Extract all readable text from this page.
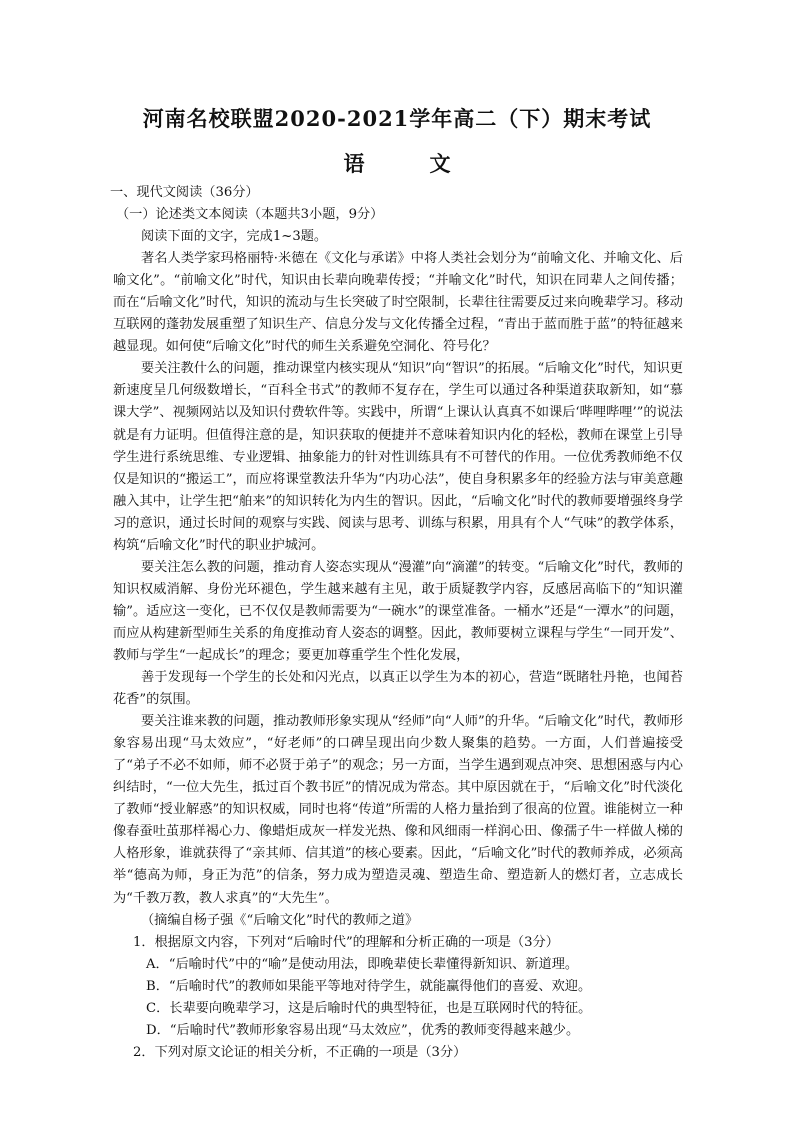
河南名校联盟2020-2021学年高二（下）期末考试
语　文
一、现代文阅读（36分）
（一）论述类文本阅读（本题共3小题，9分）
阅读下面的文字，完成1~3题。
著名人类学家玛格丽特·米德在《文化与承诺》中将人类社会划分为“前喻文化、并喻文化、后喻文化”。“前喻文化”时代，知识由长辈向晚辈传授；“并喻文化”时代，知识在同辈人之间传播；而在“后喻文化”时代，知识的流动与生长突破了时空限制，长辈往往需要反过来向晚辈学习。移动互联网的蓬勃发展重塑了知识生产、信息分发与文化传播全过程，“青出于蓝而胜于蓝”的特征越来越显现。如何使“后喻文化”时代的师生关系避免空洞化、符号化？
要关注教什么的问题，推动课堂内核实现从“知识”向“智识”的拓展。“后喻文化”时代，知识更新速度呈几何级数增长，“百科全书式”的教师不复存在，学生可以通过各种渠道获取新知，如“慕课大学”、视频网站以及知识付费软件等。实践中，所谓“上课认认真真不如课后‘哔哩哔哩’”的说法就是有力证明。但值得注意的是，知识获取的便捷并不意味着知识内化的轻松，教师在课堂上引导学生进行系统思维、专业逻辑、抽象能力的针对性训练具有不可替代的作用。一位优秀教师绝不仅仅是知识的“搬运工”，而应将课堂教法升华为“内功心法”，使自身积累多年的经验方法与审美意趣融入其中，让学生把“舶来”的知识转化为内生的智识。因此，“后喻文化”时代的教师要增强终身学习的意识，通过长时间的观察与实践、阅读与思考、训练与积累，用具有个人“气味”的教学体系，构筑“后喻文化”时代的职业护城河。
要关注怎么教的问题，推动育人姿态实现从“漫灌”向“滴灌”的转变。“后喻文化”时代，教师的知识权威消解、身份光环褪色，学生越来越有主见，敢于质疑教学内容，反感居高临下的“知识灌输”。适应这一变化，已不仅仅是教师需要为“一碗水”的课堂准备。一桶水”还是“一潭水”的问题，而应从构建新型师生关系的角度推动育人姿态的调整。因此，教师要树立课程与学生“一同开发”、教师与学生“一起成长”的理念；要更加尊重学生个性化发展，
善于发现每一个学生的长处和闪光点，以真正以学生为本的初心，营造“既睹牡丹艳，也闻苔花香”的氛围。
要关注谁来教的问题，推动教师形象实现从“经师”向“人师”的升华。“后喻文化”时代，教师形象容易出现“马太效应”，“好老师”的口碑呈现出向少数人聚集的趋势。一方面，人们普遍接受了“弟子不必不如师，师不必贤于弟子”的观念；另一方面，当学生遇到观点冲突、思想困惑与内心纠结时，“一位大先生，抵过百个教书匠”的情况成为常态。其中原因就在于，“后喻文化”时代淡化了教师“授业解惑”的知识权威，同时也将“传道”所需的人格力量抬到了很高的位置。谁能树立一种像春蚕吐茧那样褐心力、像蜡炬成灰一样发光热、像和风细雨一样润心田、像孺子牛一样做人梯的人格形象，谁就获得了“亲其师、信其道”的核心要素。因此，“后喻文化”时代的教师养成，必须高举“德高为师，身正为范”的信条，努力成为塑造灵魂、塑造生命、塑造新人的燃灯者，立志成长为“千教万教，教人求真”的“大先生”。
（摘编自杨子强《“后喻文化”时代的教师之道》
1．根据原文内容，下列对“后喻时代”的理解和分析正确的一项是（3分）
A．“后喻时代”中的“喻”是使动用法，即晚辈使长辈懂得新知识、新道理。
B．“后喻时代”的教师如果能平等地对待学生，就能赢得他们的喜爱、欢迎。
C．长辈要向晚辈学习，这是后喻时代的典型特征，也是互联网时代的特征。
D．“后喻时代”教师形象容易出现“马太效应”，优秀的教师变得越来越少。
2．下列对原文论证的相关分析，不正确的一项是（3分）
